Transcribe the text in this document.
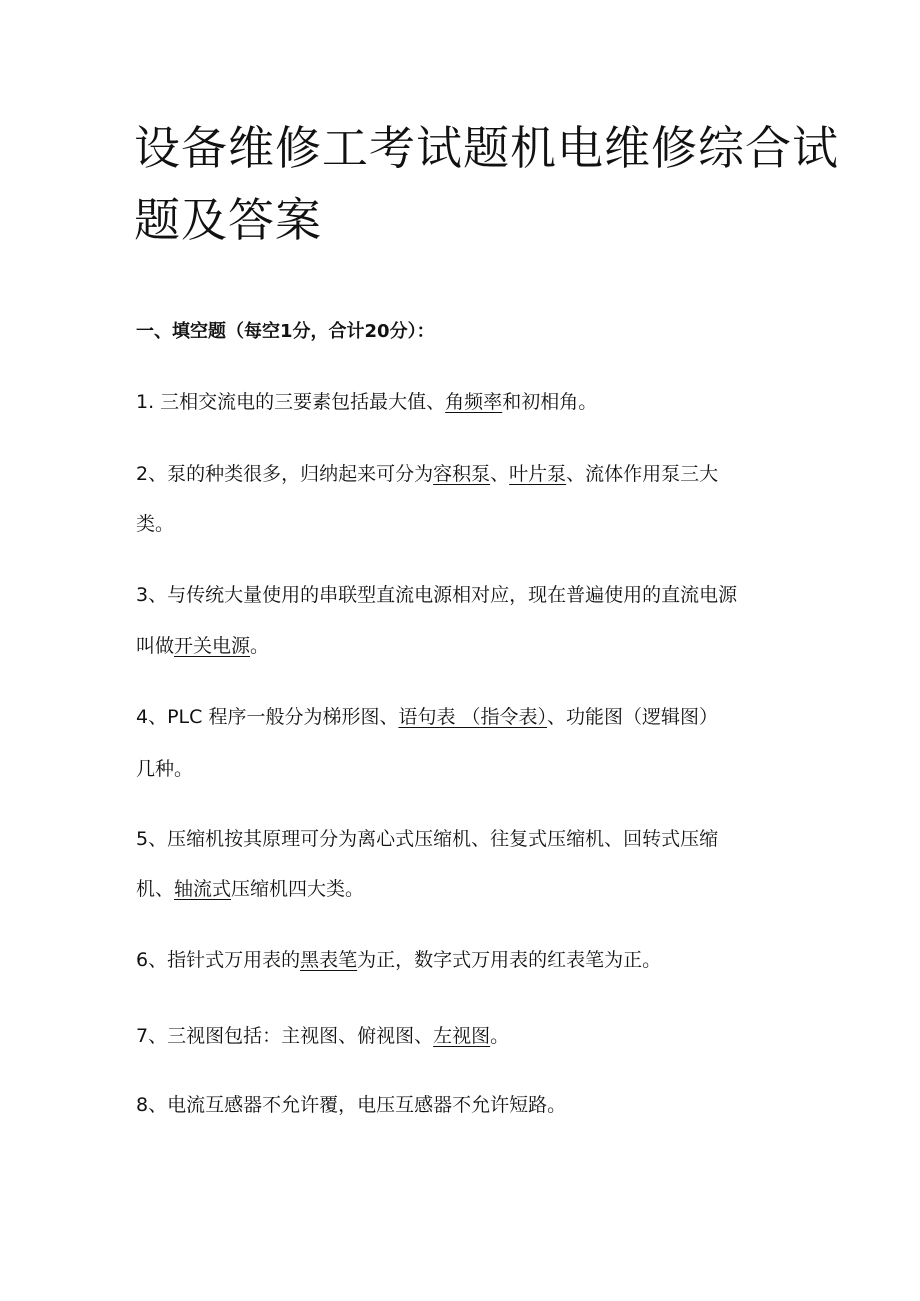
设备维修工考试题机电维修综合试
题及答案
一、填空题（每空1分，合计20分）：
1. 三相交流电的三要素包括最大值、角频率和初相角。
2、泵的种类很多，归纳起来可分为容积泵、叶片泵、流体作用泵三大
类。
3、与传统大量使用的串联型直流电源相对应，现在普遍使用的直流电源
叫做开关电源。
4、PLC 程序一般分为梯形图、语句表 （指令表）、功能图（逻辑图）
几种。
5、压缩机按其原理可分为离心式压缩机、往复式压缩机、回转式压缩
机、轴流式压缩机四大类。
6、指针式万用表的黑表笔为正，数字式万用表的红表笔为正。
7、三视图包括：主视图、俯视图、左视图。
8、电流互感器不允许覆，电压互感器不允许短路。
